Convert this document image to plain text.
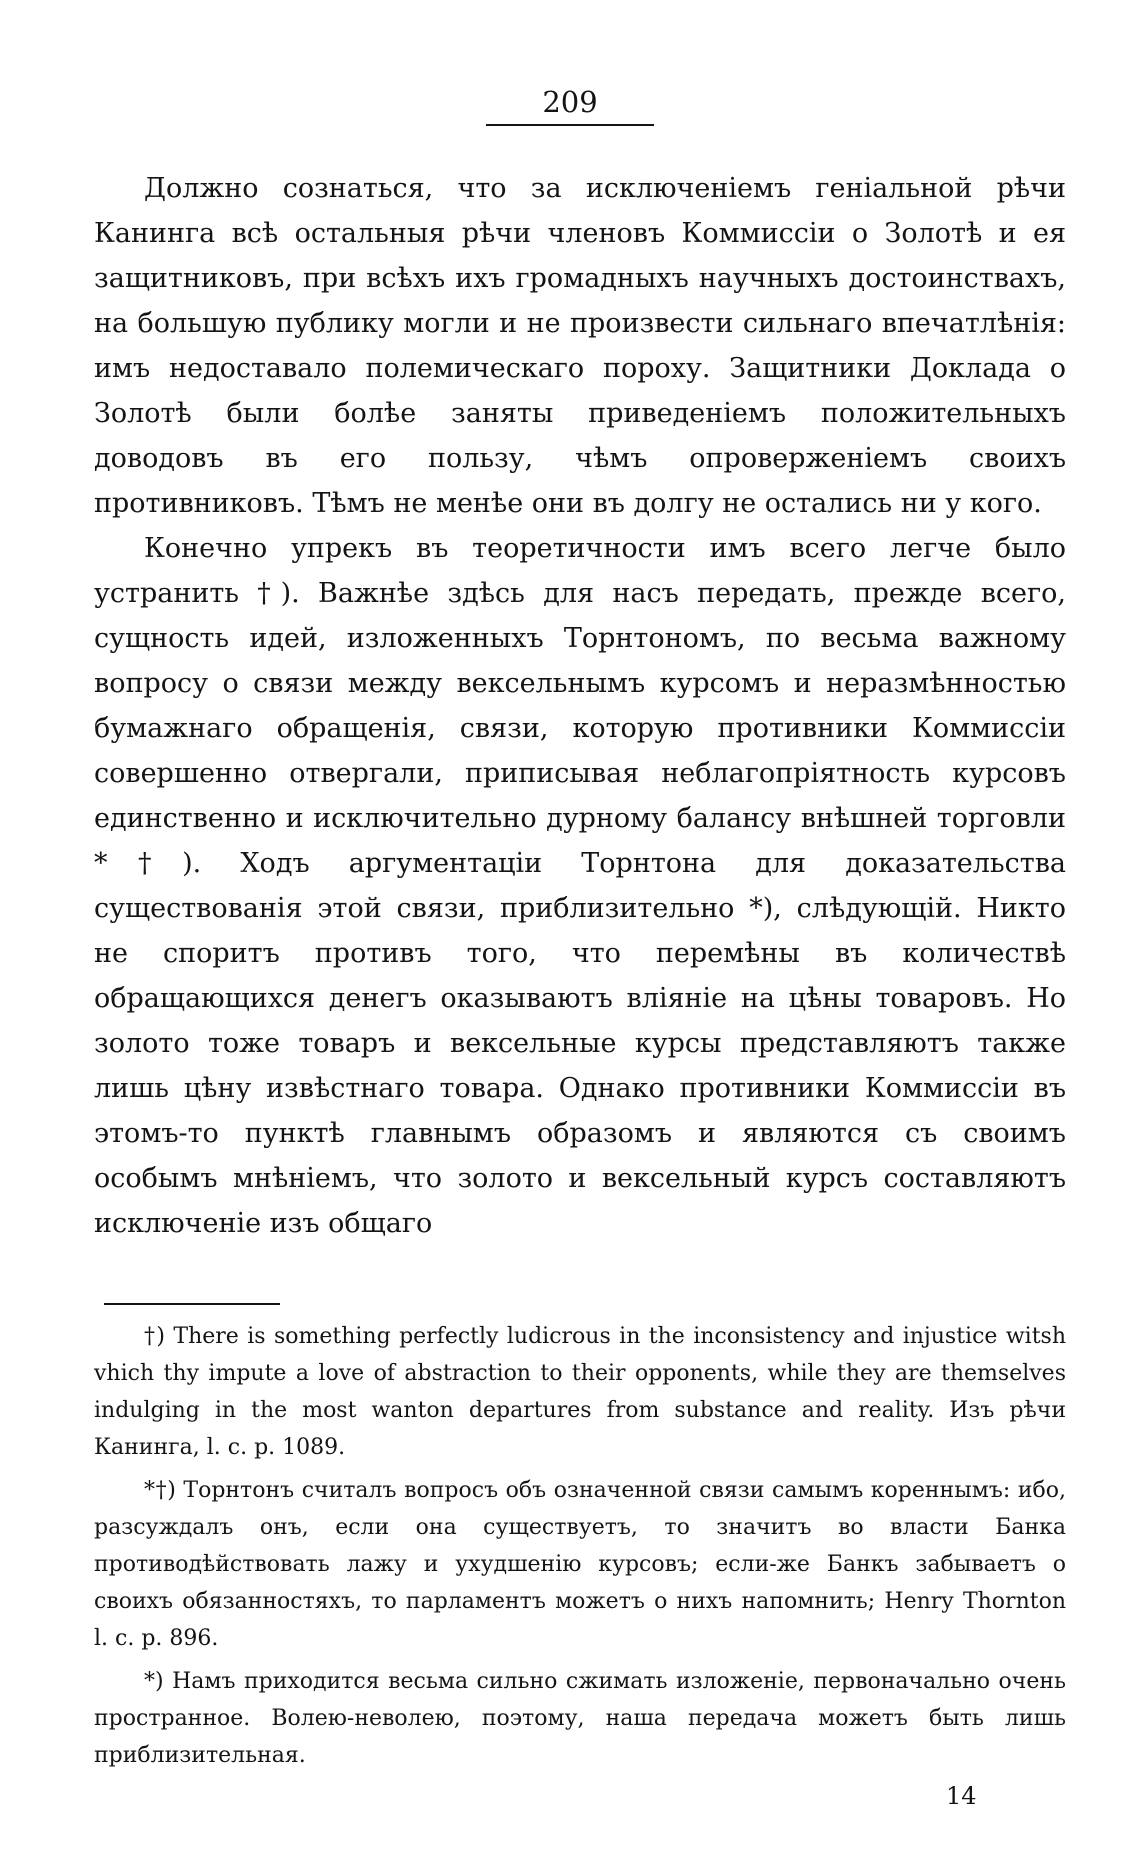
209

Должно сознаться, что за исключеніемъ геніальной рѣчи Канинга всѣ остальныя рѣчи членовъ Коммиссіи о Золотѣ и ея защитниковъ, при всѣхъ ихъ громадныхъ научныхъ достоинствахъ, на большую публику могли и не произвести сильнаго впечатлѣнія: имъ недоставало полемическаго пороху. Защитники Доклада о Золотѣ были болѣе заняты приведеніемъ положительныхъ доводовъ въ его пользу, чѣмъ опроверженіемъ своихъ противниковъ. Тѣмъ не менѣе они въ долгу не остались ни у кого.

Конечно упрекъ въ теоретичности имъ всего легче было устранить †). Важнѣе здѣсь для насъ передать, прежде всего, сущность идей, изложенныхъ Торнтономъ, по весьма важному вопросу о связи между вексельнымъ курсомъ и неразмѣнностью бумажнаго обращенія, связи, которую противники Коммиссіи совершенно отвергали, приписывая неблагопріятность курсовъ единственно и исключительно дурному балансу внѣшней торговли *†). Ходъ аргументаціи Торнтона для доказательства существованія этой связи, приблизительно *), слѣдующій. Никто не споритъ противъ того, что перемѣны въ количествѣ обращающихся денегъ оказываютъ вліяніе на цѣны товаровъ. Но золото тоже товаръ и вексельные курсы представляютъ также лишь цѣну извѣстнаго товара. Однако противники Коммиссіи въ этомъ-то пунктѣ главнымъ образомъ и являются съ своимъ особымъ мнѣніемъ, что золото и вексельный курсъ составляютъ исключеніе изъ общаго

†) There is something perfectly ludicrous in the inconsistency and injustice witsh vhich thy impute a love of abstraction to their opponents, while they are themselves indulging in the most wanton departures from substance and reality. Изъ рѣчи Канинга, l. c. p. 1089.

*†) Торнтонъ считалъ вопросъ объ означенной связи самымъ кореннымъ: ибо, разсуждалъ онъ, если она существуетъ, то значитъ во власти Банка противодѣйствовать лажу и ухудшенію курсовъ; если-же Банкъ забываетъ о своихъ обязанностяхъ, то парламентъ можетъ о нихъ напомнить; Henry Thornton l. c. p. 896.

*) Намъ приходится весьма сильно сжимать изложеніе, первоначально очень пространное. Волею-неволею, поэтому, наша передача можетъ быть лишь приблизительная.

14
